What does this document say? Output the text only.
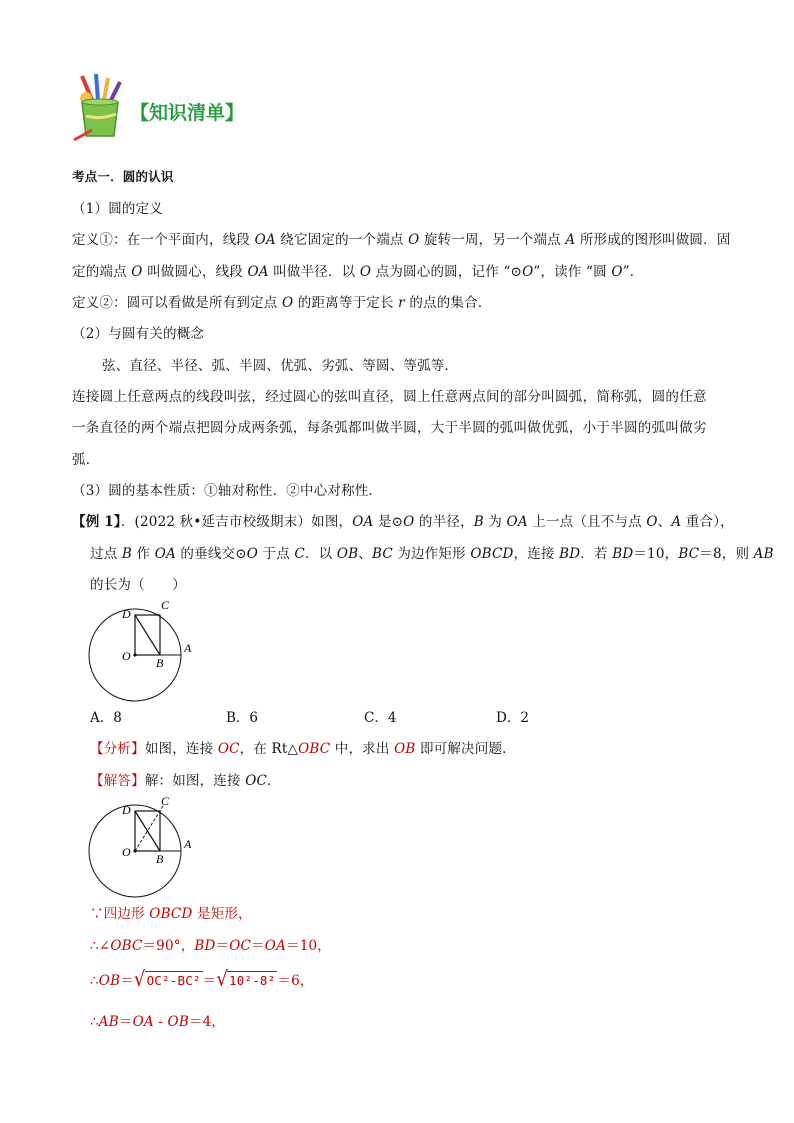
【知识清单】
考点一．圆的认识
（1）圆的定义
定义①：在一个平面内，线段 OA 绕它固定的一个端点 O 旋转一周，另一个端点 A 所形成的图形叫做圆．固
定的端点 O 叫做圆心，线段 OA 叫做半径．以 O 点为圆心的圆，记作 “⊙O”，读作 “圆 O”．
定义②：圆可以看做是所有到定点 O 的距离等于定长 r 的点的集合．
（2）与圆有关的概念
弦、直径、半径、弧、半圆、优弧、劣弧、等圆、等弧等．
连接圆上任意两点的线段叫弦，经过圆心的弦叫直径，圆上任意两点间的部分叫圆弧，简称弧，圆的任意
一条直径的两个端点把圆分成两条弧，每条弧都叫做半圆，大于半圆的弧叫做优弧，小于半圆的弧叫做劣
弧．
（3）圆的基本性质：①轴对称性．②中心对称性．
【例 1】．(2022 秋•延吉市校级期末）如图，OA 是⊙O 的半径，B 为 OA 上一点（且不与点 O、A 重合），
过点 B 作 OA 的垂线交⊙O 于点 C．以 OB、BC 为边作矩形 OBCD，连接 BD．若 BD＝10，BC＝8，则 AB
的长为（　　）
D
C
O B
A
A．8	B．6	C．4	D．2
【分析】如图，连接 OC，在 Rt△OBC 中，求出 OB 即可解决问题．
【解答】解：如图，连接 OC．
D
C
O B
A
∵四边形 OBCD 是矩形，
∴∠OBC＝90°，BD＝OC＝OA＝10，
∴OB＝√OC²-BC² ＝√10²-8² ＝6，
∴AB＝OA - OB＝4，
